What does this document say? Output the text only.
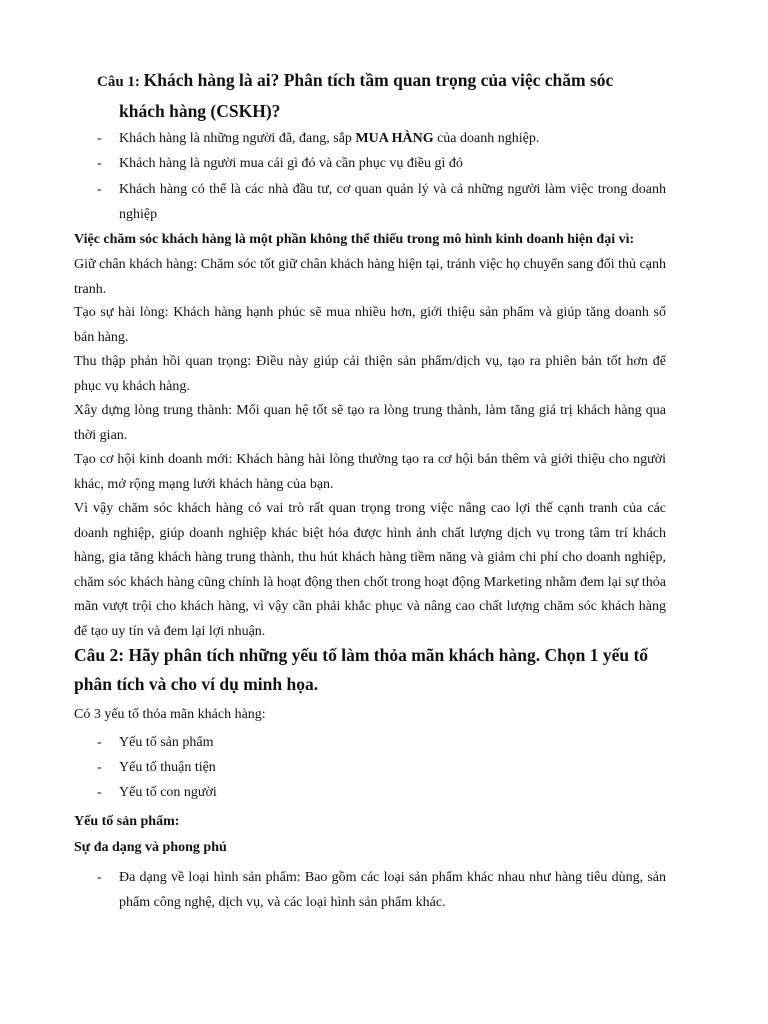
Câu 1: Khách hàng là ai? Phân tích tầm quan trọng của việc chăm sóc
khách hàng (CSKH)?
- Khách hàng là những người đã, đang, sắp MUA HÀNG của doanh nghiệp.
- Khách hàng là người mua cái gì đó và cần phục vụ điều gì đó
- Khách hàng có thể là các nhà đầu tư, cơ quan quản lý và cả những người làm việc trong doanh nghiệp
Việc chăm sóc khách hàng là một phần không thể thiếu trong mô hình kinh doanh hiện đại vì:
Giữ chân khách hàng: Chăm sóc tốt giữ chân khách hàng hiện tại, tránh việc họ chuyển sang đối thủ cạnh tranh.
Tạo sự hài lòng: Khách hàng hạnh phúc sẽ mua nhiều hơn, giới thiệu sản phẩm và giúp tăng doanh số bán hàng.
Thu thập phản hồi quan trọng: Điều này giúp cải thiện sản phẩm/dịch vụ, tạo ra phiên bản tốt hơn để phục vụ khách hàng.
Xây dựng lòng trung thành: Mối quan hệ tốt sẽ tạo ra lòng trung thành, làm tăng giá trị khách hàng qua thời gian.
Tạo cơ hội kinh doanh mới: Khách hàng hài lòng thường tạo ra cơ hội bán thêm và giới thiệu cho người khác, mở rộng mạng lưới khách hàng của bạn.
Vì vậy chăm sóc khách hàng có vai trò rất quan trọng trong việc nâng cao lợi thế cạnh tranh của các doanh nghiệp, giúp doanh nghiệp khác biệt hóa được hình ảnh chất lượng dịch vụ trong tâm trí khách hàng, gia tăng khách hàng trung thành, thu hút khách hàng tiềm năng và giảm chi phí cho doanh nghiệp, chăm sóc khách hàng cũng chính là hoạt động then chốt trong hoạt động Marketing nhằm đem lại sự thỏa mãn vượt trội cho khách hàng, vì vậy cần phải khắc phục và nâng cao chất lượng chăm sóc khách hàng để tạo uy tín và đem lại lợi nhuận.
Câu 2: Hãy phân tích những yếu tố làm thỏa mãn khách hàng. Chọn 1 yếu tố phân tích và cho ví dụ minh họa.
Có 3 yếu tố thỏa mãn khách hàng:
- Yếu tố sản phẩm
- Yếu tố thuận tiện
- Yếu tố con người
Yếu tố sản phẩm:
Sự đa dạng và phong phú
- Đa dạng về loại hình sản phẩm: Bao gồm các loại sản phẩm khác nhau như hàng tiêu dùng, sản phẩm công nghệ, dịch vụ, và các loại hình sản phẩm khác.
